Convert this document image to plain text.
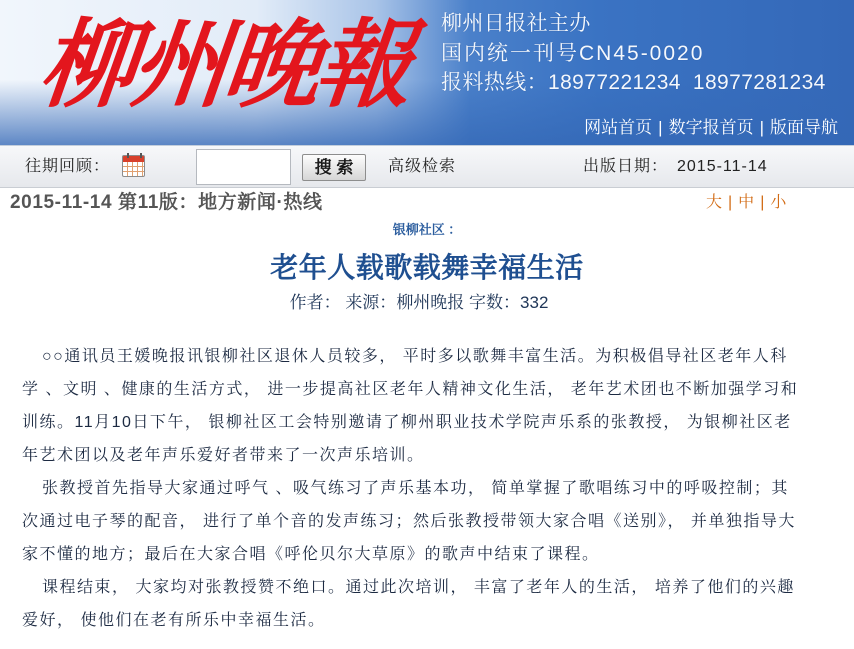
柳州晚報 柳州日报社主办
国内统一刊号CN45-0020
报料热线：18977221234 18977281234
网站首页 | 数字报首页 | 版面导航
往期回顾：	搜 索	高级检索	出版日期： 2015-11-14
2015-11-14 第11版：地方新闻·热线	大 | 中 | 小
银柳社区 ：
老年人载歌载舞幸福生活
作者： 来源：柳州晚报 字数：332

○○通讯员王媛晚报讯银柳社区退休人员较多， 平时多以歌舞丰富生活。为积极倡导社区老年人科学 、文明 、健康的生活方式， 进一步提高社区老年人精神文化生活， 老年艺术团也不断加强学习和训练。11月10日下午， 银柳社区工会特别邀请了柳州职业技术学院声乐系的张教授， 为银柳社区老年艺术团以及老年声乐爱好者带来了一次声乐培训。

张教授首先指导大家通过呼气 、吸气练习了声乐基本功， 简单掌握了歌唱练习中的呼吸控制；其次通过电子琴的配音， 进行了单个音的发声练习；然后张教授带领大家合唱《送别》， 并单独指导大家不懂的地方；最后在大家合唱《呼伦贝尔大草原》的歌声中结束了课程。

课程结束， 大家均对张教授赞不绝口。通过此次培训， 丰富了老年人的生活， 培养了他们的兴趣爱好， 使他们在老有所乐中幸福生活。
